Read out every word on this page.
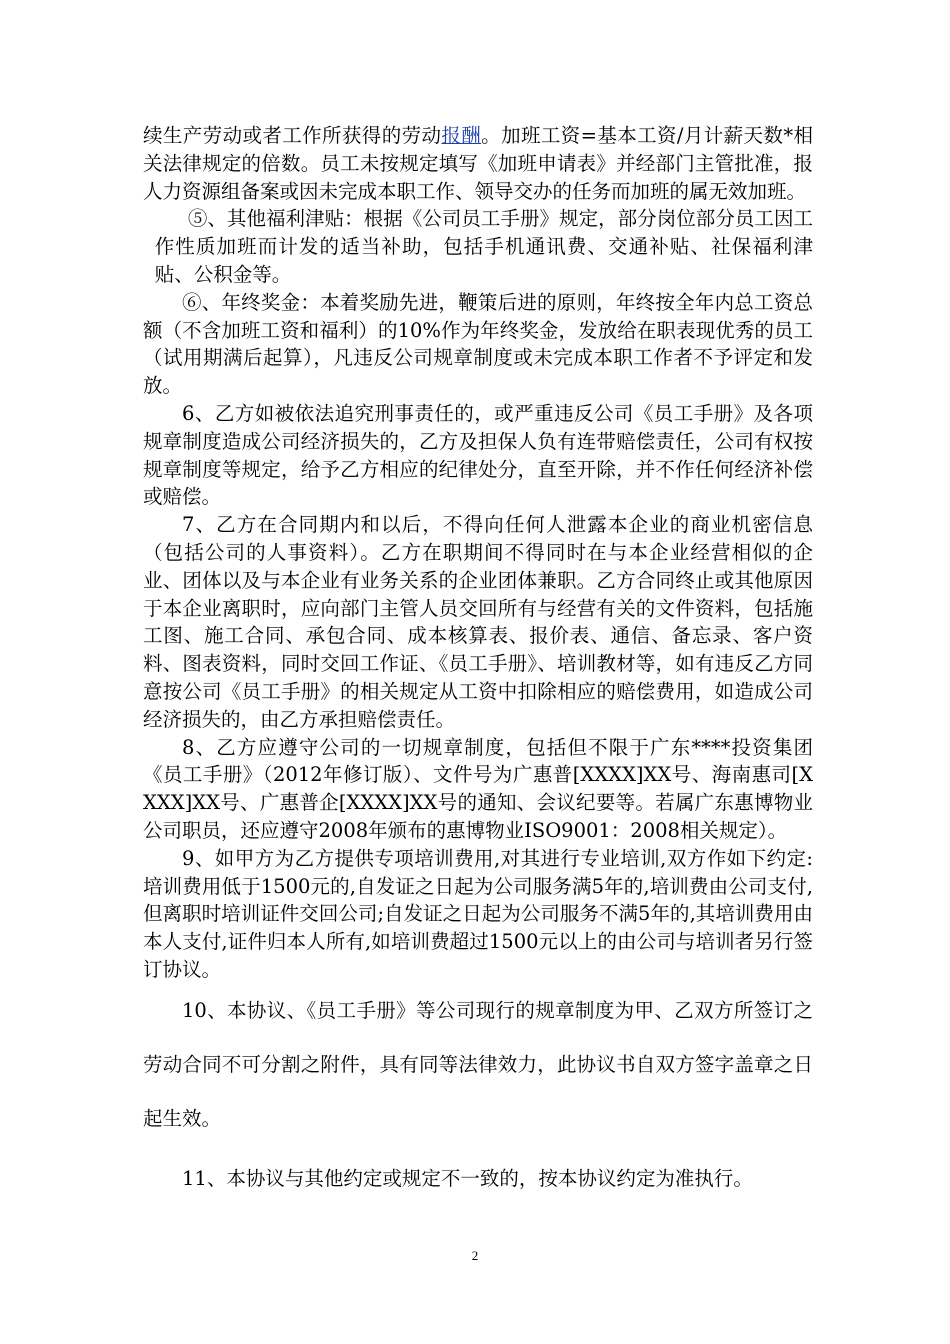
续生产劳动或者工作所获得的劳动报酬。加班工资=基本工资/月计薪天数*相关法律规定的倍数。员工未按规定填写《加班申请表》并经部门主管批准，报人力资源组备案或因未完成本职工作、领导交办的任务而加班的属无效加班。

⑤、其他福利津贴：根据《公司员工手册》规定，部分岗位部分员工因工作性质加班而计发的适当补助，包括手机通讯费、交通补贴、社保福利津贴、公积金等。

⑥、年终奖金：本着奖励先进，鞭策后进的原则，年终按全年内总工资总额（不含加班工资和福利）的10%作为年终奖金，发放给在职表现优秀的员工（试用期满后起算），凡违反公司规章制度或未完成本职工作者不予评定和发放。

6、乙方如被依法追究刑事责任的，或严重违反公司《员工手册》及各项规章制度造成公司经济损失的，乙方及担保人负有连带赔偿责任，公司有权按规章制度等规定，给予乙方相应的纪律处分，直至开除，并不作任何经济补偿或赔偿。

7、乙方在合同期内和以后，不得向任何人泄露本企业的商业机密信息（包括公司的人事资料）。乙方在职期间不得同时在与本企业经营相似的企业、团体以及与本企业有业务关系的企业团体兼职。乙方合同终止或其他原因于本企业离职时，应向部门主管人员交回所有与经营有关的文件资料，包括施工图、施工合同、承包合同、成本核算表、报价表、通信、备忘录、客户资料、图表资料，同时交回工作证、《员工手册》、培训教材等，如有违反乙方同意按公司《员工手册》的相关规定从工资中扣除相应的赔偿费用，如造成公司经济损失的，由乙方承担赔偿责任。

8、乙方应遵守公司的一切规章制度，包括但不限于广东****投资集团《员工手册》（2012年修订版）、文件号为广惠普[XXXX]XX号、海南惠司[XXXX]XX号、广惠普企[XXXX]XX号的通知、会议纪要等。若属广东惠博物业公司职员，还应遵守2008年颁布的惠博物业ISO9001：2008相关规定）。

9、如甲方为乙方提供专项培训费用,对其进行专业培训,双方作如下约定:培训费用低于1500元的,自发证之日起为公司服务满5年的,培训费由公司支付,但离职时培训证件交回公司;自发证之日起为公司服务不满5年的,其培训费用由本人支付,证件归本人所有,如培训费超过1500元以上的由公司与培训者另行签订协议。

10、本协议、《员工手册》等公司现行的规章制度为甲、乙双方所签订之劳动合同不可分割之附件，具有同等法律效力，此协议书自双方签字盖章之日起生效。

11、本协议与其他约定或规定不一致的，按本协议约定为准执行。

2
